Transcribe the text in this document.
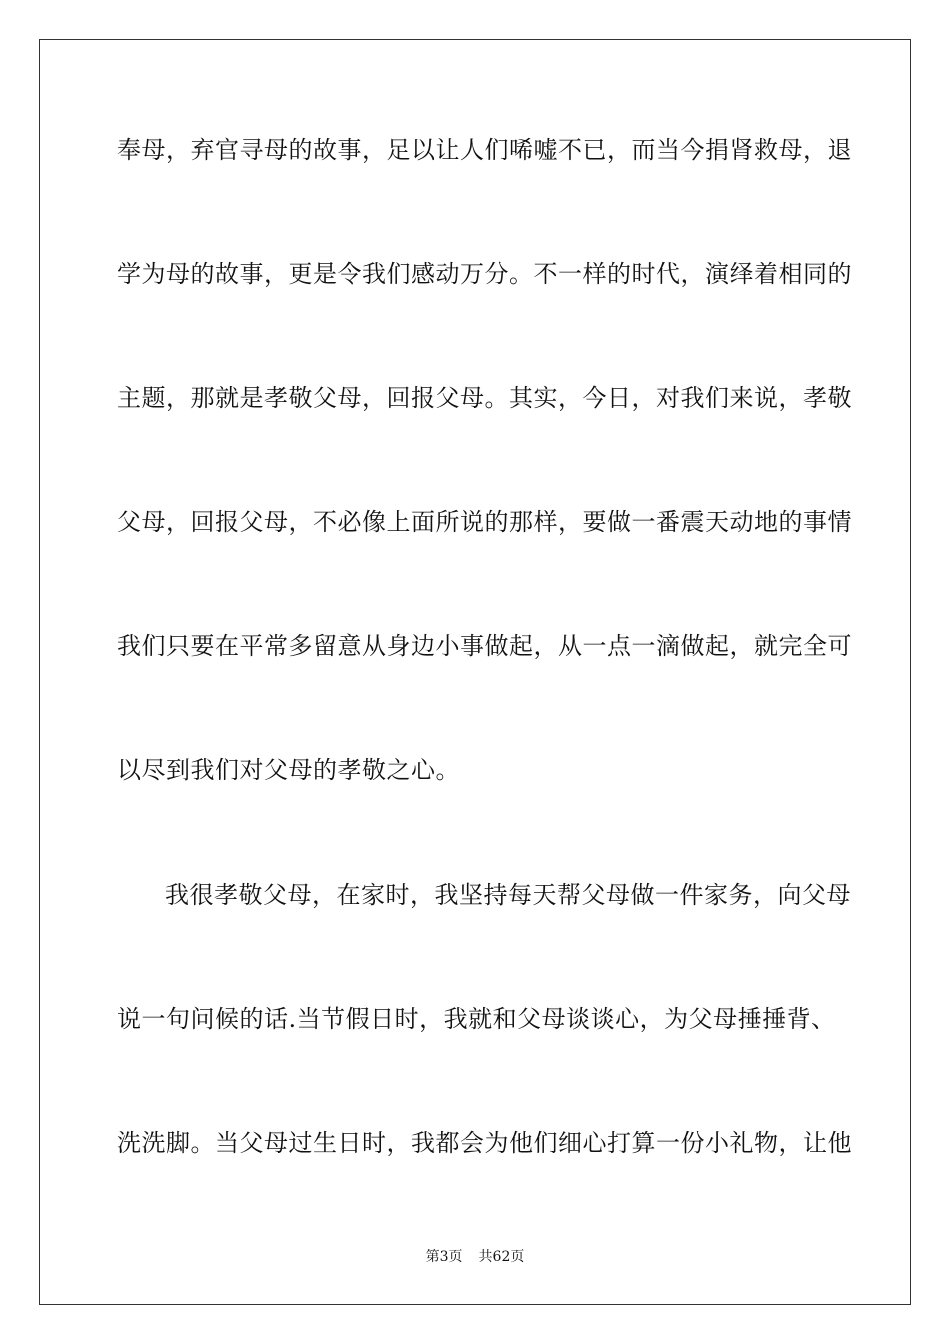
奉母，弃官寻母的故事，足以让人们唏嘘不已，而当今捐肾救母，退
学为母的故事，更是令我们感动万分。不一样的时代，演绎着相同的
主题，那就是孝敬父母，回报父母。其实，今日，对我们来说，孝敬
父母，回报父母，不必像上面所说的那样，要做一番震天动地的事情
我们只要在平常多留意从身边小事做起，从一点一滴做起，就完全可
以尽到我们对父母的孝敬之心。
我很孝敬父母，在家时，我坚持每天帮父母做一件家务，向父母
说一句问候的话.当节假日时，我就和父母谈谈心，为父母捶捶背、
洗洗脚。当父母过生日时，我都会为他们细心打算一份小礼物，让他
第3页 共62页
